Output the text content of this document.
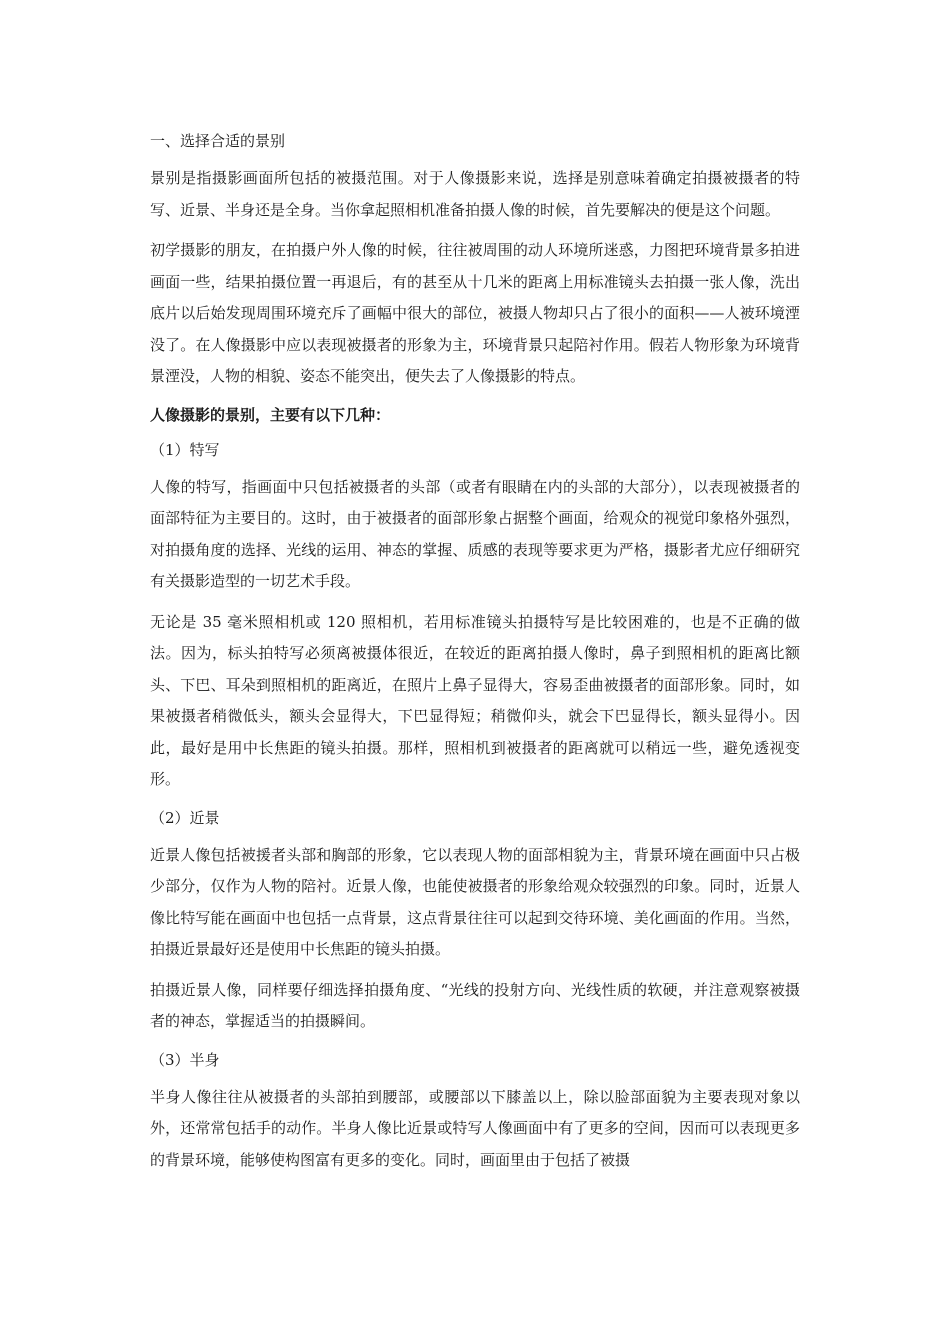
一、选择合适的景别
景别是指摄影画面所包括的被摄范围。对于人像摄影来说，选择是别意味着确定拍摄被摄者的特写、近景、半身还是全身。当你拿起照相机准备拍摄人像的时候，首先要解决的便是这个问题。
初学摄影的朋友，在拍摄户外人像的时候，往往被周围的动人环境所迷惑，力图把环境背景多拍进画面一些，结果拍摄位置一再退后，有的甚至从十几米的距离上用标准镜头去拍摄一张人像，洗出底片以后始发现周围环境充斥了画幅中很大的部位，被摄人物却只占了很小的面积——人被环境湮没了。在人像摄影中应以表现被摄者的形象为主，环境背景只起陪衬作用。假若人物形象为环境背景湮没，人物的相貌、姿态不能突出，便失去了人像摄影的特点。
人像摄影的景别，主要有以下几种：
（1）特写
人像的特写，指画面中只包括被摄者的头部（或者有眼睛在内的头部的大部分），以表现被摄者的面部特征为主要目的。这时，由于被摄者的面部形象占据整个画面，给观众的视觉印象格外强烈，对拍摄角度的选择、光线的运用、神态的掌握、质感的表现等要求更为严格，摄影者尤应仔细研究有关摄影造型的一切艺术手段。
无论是 35 毫米照相机或 120 照相机，若用标准镜头拍摄特写是比较困难的，也是不正确的做法。因为，标头拍特写必须离被摄体很近，在较近的距离拍摄人像时，鼻子到照相机的距离比额头、下巴、耳朵到照相机的距离近，在照片上鼻子显得大，容易歪曲被摄者的面部形象。同时，如果被摄者稍微低头，额头会显得大，下巴显得短；稍微仰头，就会下巴显得长，额头显得小。因此，最好是用中长焦距的镜头拍摄。那样，照相机到被摄者的距离就可以稍远一些，避免透视变形。
（2）近景
近景人像包括被援者头部和胸部的形象，它以表现人物的面部相貌为主，背景环境在画面中只占极少部分，仅作为人物的陪衬。近景人像，也能使被摄者的形象给观众较强烈的印象。同时，近景人像比特写能在画面中也包括一点背景，这点背景往往可以起到交待环境、美化画面的作用。当然，拍摄近景最好还是使用中长焦距的镜头拍摄。
拍摄近景人像，同样要仔细选择拍摄角度、“光线的投射方向、光线性质的软硬，并注意观察被摄者的神态，掌握适当的拍摄瞬间。
（3）半身
半身人像往往从被摄者的头部拍到腰部，或腰部以下膝盖以上，除以脸部面貌为主要表现对象以外，还常常包括手的动作。半身人像比近景或特写人像画面中有了更多的空间，因而可以表现更多的背景环境，能够使构图富有更多的变化。同时，画面里由于包括了被摄
